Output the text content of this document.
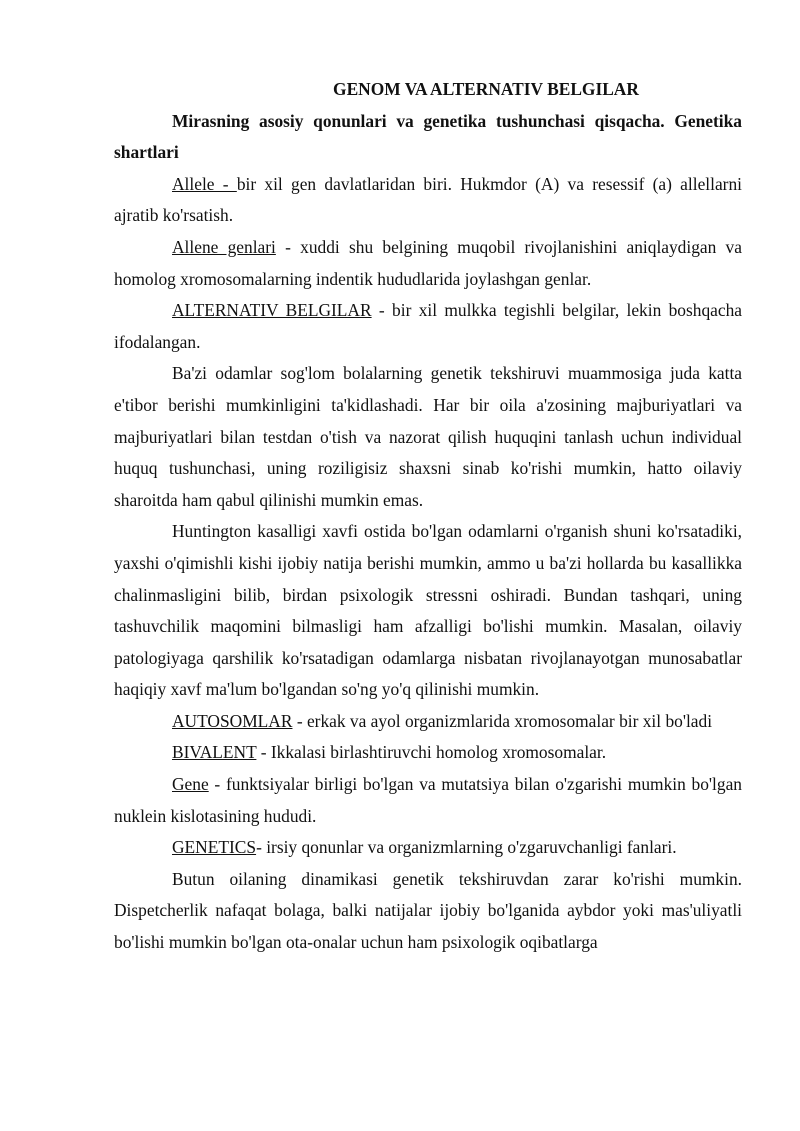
GENOM VA ALTERNATIV BELGILAR

Mirasning asosiy qonunlari va genetika tushunchasi qisqacha. Genetika shartlari

Allele - bir xil gen davlatlaridan biri. Hukmdor (A) va resessif (a) allellarni ajratib ko'rsatish.

Allene genlari - xuddi shu belgining muqobil rivojlanishini aniqlaydigan va homolog xromosomalarning indentik hududlarida joylashgan genlar.

ALTERNATIV BELGILAR - bir xil mulkka tegishli belgilar, lekin boshqacha ifodalangan.

Ba'zi odamlar sog'lom bolalarning genetik tekshiruvi muammosiga juda katta e'tibor berishi mumkinligini ta'kidlashadi. Har bir oila a'zosining majburiyatlari va majburiyatlari bilan testdan o'tish va nazorat qilish huquqini tanlash uchun individual huquq tushunchasi, uning roziligisiz shaxsni sinab ko'rishi mumkin, hatto oilaviy sharoitda ham qabul qilinishi mumkin emas.

Huntington kasalligi xavfi ostida bo'lgan odamlarni o'rganish shuni ko'rsatadiki, yaxshi o'qimishli kishi ijobiy natija berishi mumkin, ammo u ba'zi hollarda bu kasallikka chalinmasligini bilib, birdan psixologik stressni oshiradi. Bundan tashqari, uning tashuvchilik maqomini bilmasligi ham afzalligi bo'lishi mumkin. Masalan, oilaviy patologiyaga qarshilik ko'rsatadigan odamlarga nisbatan rivojlanayotgan munosabatlar haqiqiy xavf ma'lum bo'lgandan so'ng yo'q qilinishi mumkin.

AUTOSOMLAR - erkak va ayol organizmlarida xromosomalar bir xil bo'ladi

BIVALENT - Ikkalasi birlashtiruvchi homolog xromosomalar.

Gene - funktsiyalar birligi bo'lgan va mutatsiya bilan o'zgarishi mumkin bo'lgan nuklein kislotasining hududi.

GENETICS- irsiy qonunlar va organizmlarning o'zgaruvchanligi fanlari.

Butun oilaning dinamikasi genetik tekshiruvdan zarar ko'rishi mumkin. Dispetcherlik nafaqat bolaga, balki natijalar ijobiy bo'lganida aybdor yoki mas'uliyatli bo'lishi mumkin bo'lgan ota-onalar uchun ham psixologik oqibatlarga
